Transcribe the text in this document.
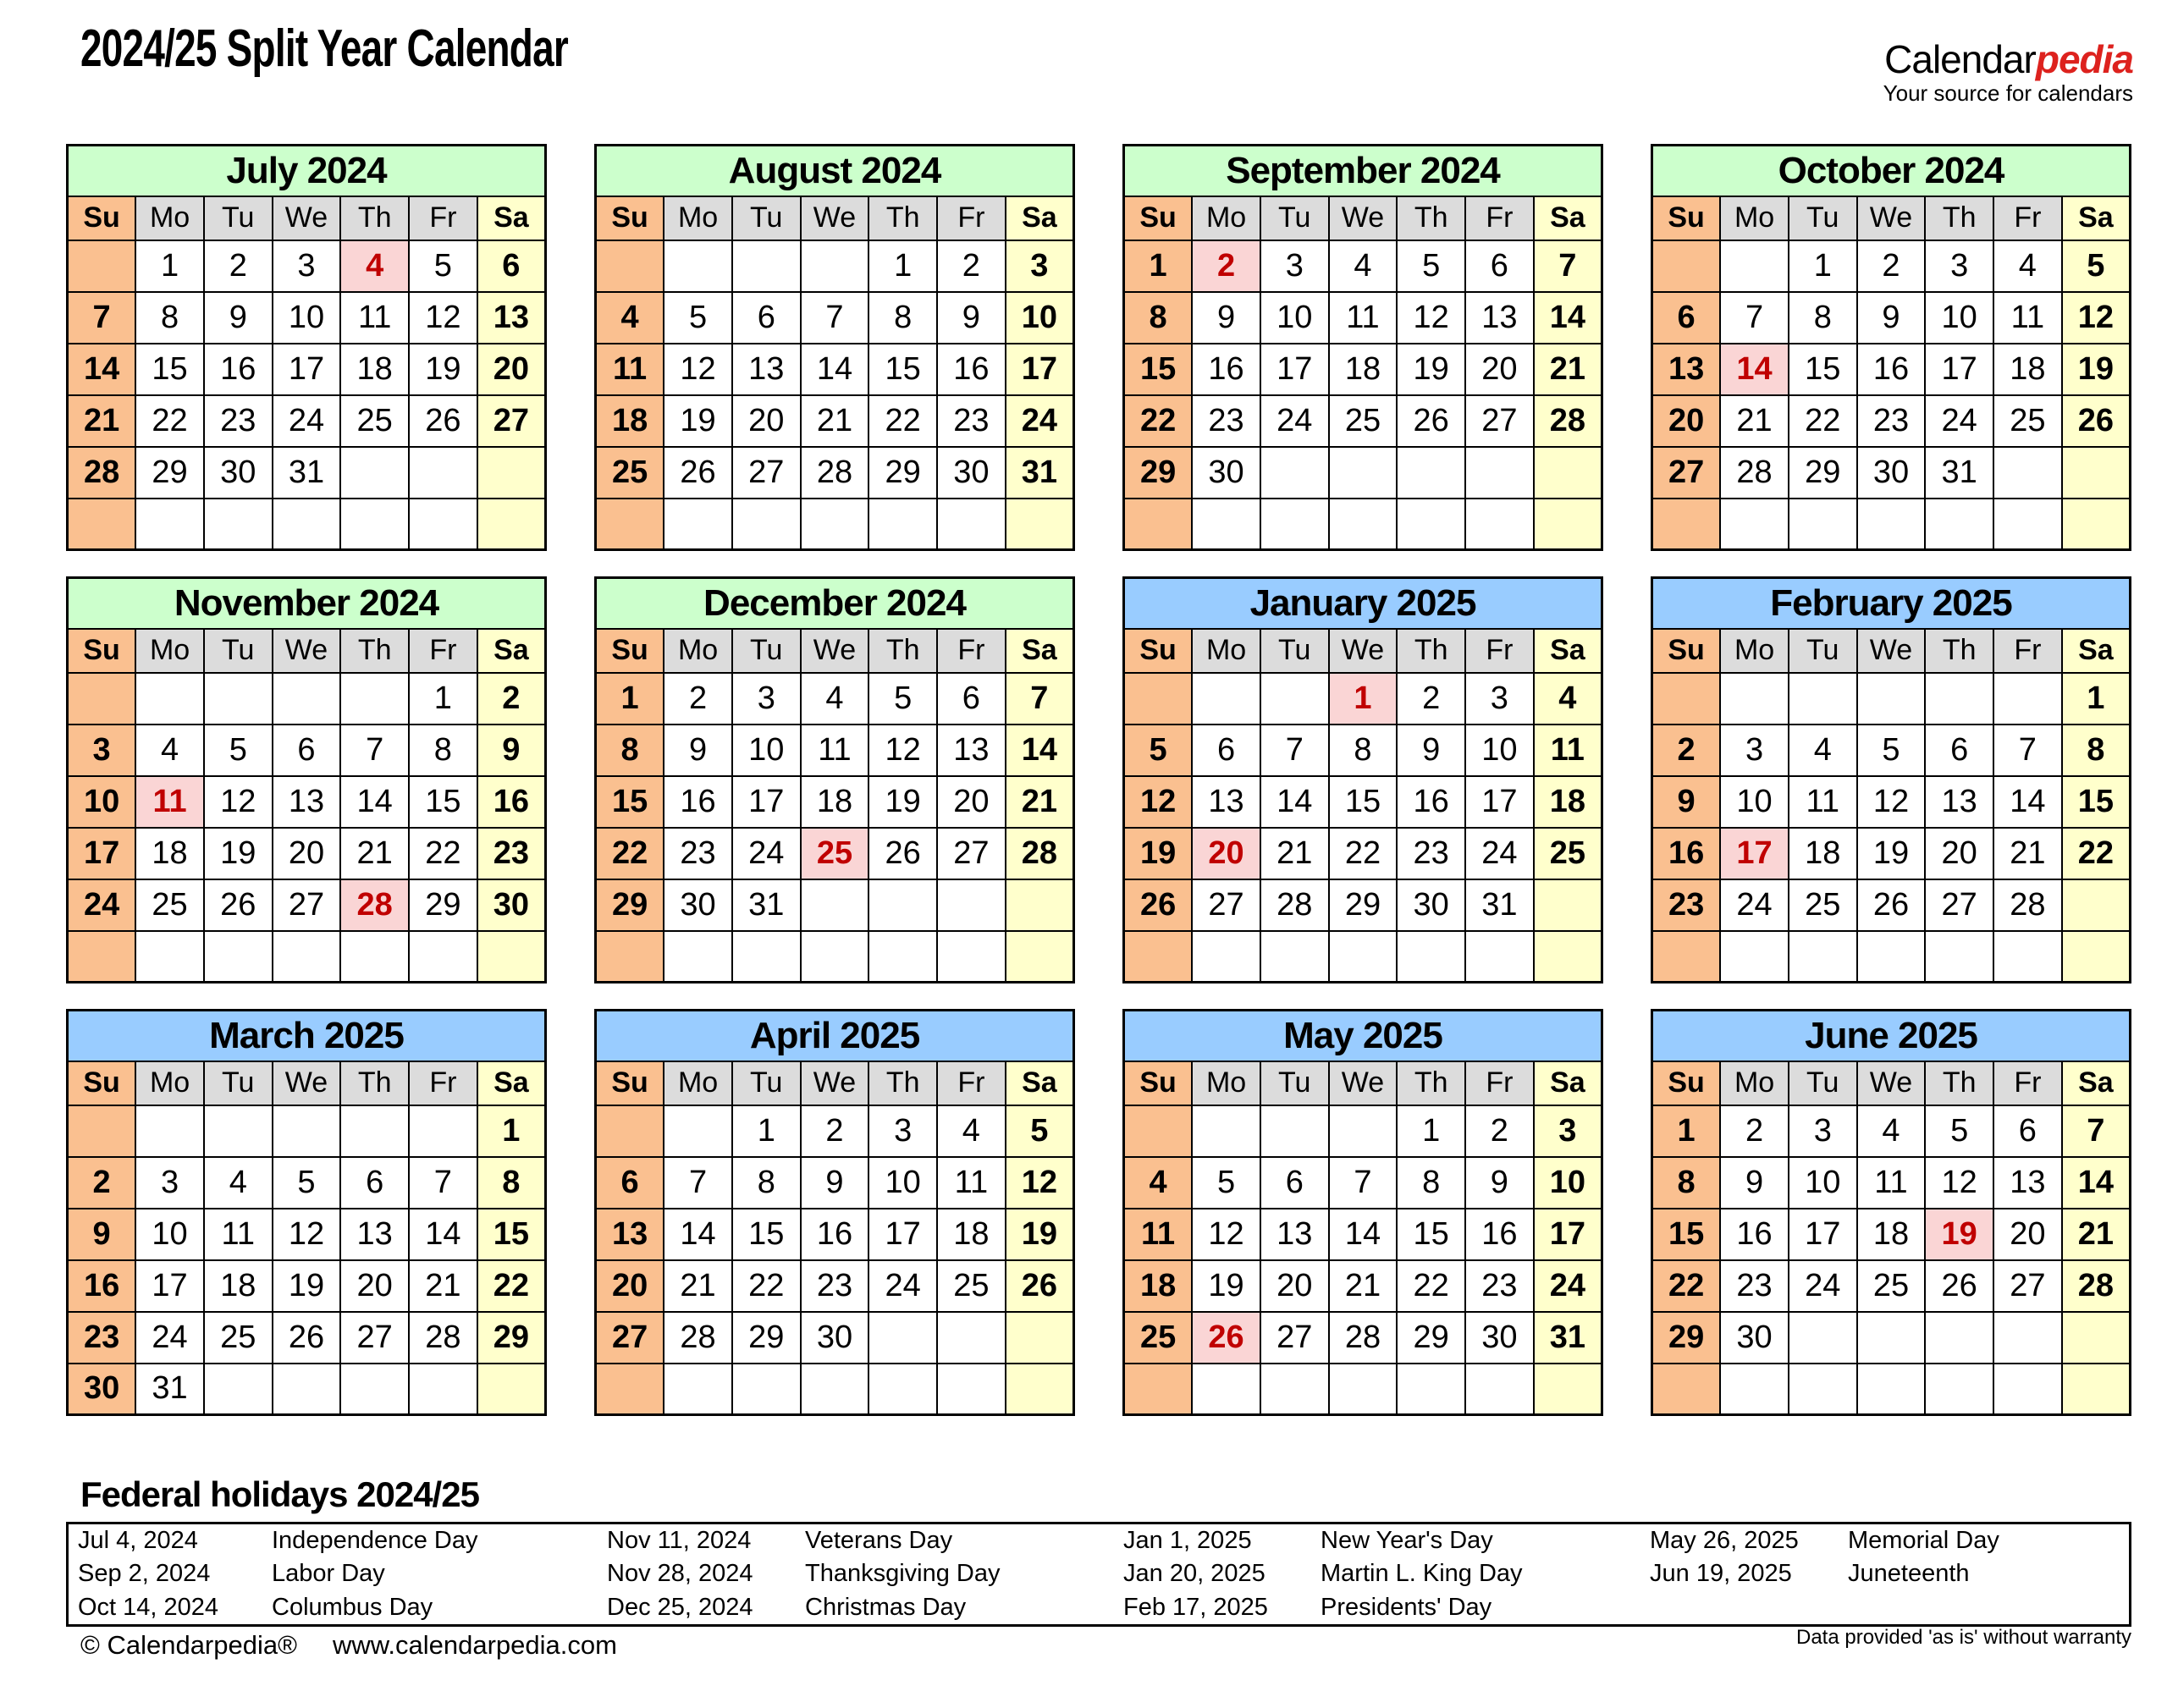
2024/25 Split Year Calendar	Calendarpedia
Your source for calendars
July 2024						
Su	Mo	Tu	We	Th	Fr	Sa
	1	2	3	4	5	6
7	8	9	10	11	12	13
14	15	16	17	18	19	20
21	22	23	24	25	26	27
28	29	30	31			

August 2024						
Su	Mo	Tu	We	Th	Fr	Sa
				1	2	3
4	5	6	7	8	9	10
11	12	13	14	15	16	17
18	19	20	21	22	23	24
25	26	27	28	29	30	31

September 2024						
Su	Mo	Tu	We	Th	Fr	Sa
1	2	3	4	5	6	7
8	9	10	11	12	13	14
15	16	17	18	19	20	21
22	23	24	25	26	27	28
29	30					

October 2024						
Su	Mo	Tu	We	Th	Fr	Sa
		1	2	3	4	5
6	7	8	9	10	11	12
13	14	15	16	17	18	19
20	21	22	23	24	25	26
27	28	29	30	31		

November 2024						
Su	Mo	Tu	We	Th	Fr	Sa
					1	2
3	4	5	6	7	8	9
10	11	12	13	14	15	16
17	18	19	20	21	22	23
24	25	26	27	28	29	30

December 2024						
Su	Mo	Tu	We	Th	Fr	Sa
1	2	3	4	5	6	7
8	9	10	11	12	13	14
15	16	17	18	19	20	21
22	23	24	25	26	27	28
29	30	31				

January 2025						
Su	Mo	Tu	We	Th	Fr	Sa
			1	2	3	4
5	6	7	8	9	10	11
12	13	14	15	16	17	18
19	20	21	22	23	24	25
26	27	28	29	30	31	

February 2025						
Su	Mo	Tu	We	Th	Fr	Sa
						1
2	3	4	5	6	7	8
9	10	11	12	13	14	15
16	17	18	19	20	21	22
23	24	25	26	27	28	

March 2025						
Su	Mo	Tu	We	Th	Fr	Sa
						1
2	3	4	5	6	7	8
9	10	11	12	13	14	15
16	17	18	19	20	21	22
23	24	25	26	27	28	29
30	31					
April 2025						
Su	Mo	Tu	We	Th	Fr	Sa
		1	2	3	4	5
6	7	8	9	10	11	12
13	14	15	16	17	18	19
20	21	22	23	24	25	26
27	28	29	30			

May 2025						
Su	Mo	Tu	We	Th	Fr	Sa
				1	2	3
4	5	6	7	8	9	10
11	12	13	14	15	16	17
18	19	20	21	22	23	24
25	26	27	28	29	30	31

June 2025						
Su	Mo	Tu	We	Th	Fr	Sa
1	2	3	4	5	6	7
8	9	10	11	12	13	14
15	16	17	18	19	20	21
22	23	24	25	26	27	28
29	30					

Federal holidays 2024/25
Jul 4, 2024	Independence Day
Sep 2, 2024	Labor Day
Oct 14, 2024	Columbus Day
Nov 11, 2024	Veterans Day
Nov 28, 2024	Thanksgiving Day
Dec 25, 2024	Christmas Day
Jan 1, 2025	New Year's Day
Jan 20, 2025	Martin L. King Day
Feb 17, 2025	Presidents' Day
May 26, 2025	Memorial Day
Jun 19, 2025	Juneteenth
© Calendarpedia® www.calendarpedia.com	Data provided 'as is' without warranty
